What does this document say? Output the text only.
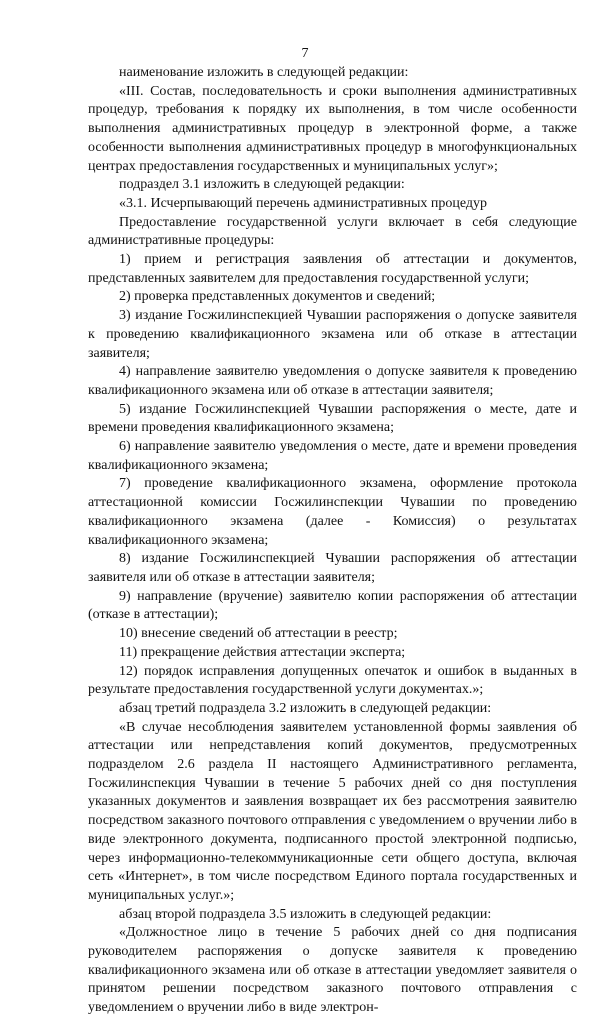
7

наименование изложить в следующей редакции:

«III. Состав, последовательность и сроки выполнения административных процедур, требования к порядку их выполнения, в том числе особенности выполнения административных процедур в электронной форме, а также особенности выполнения административных процедур в многофункциональных центрах предоставления государственных и муниципальных услуг»;

подраздел 3.1 изложить в следующей редакции:

«3.1. Исчерпывающий перечень административных процедур

Предоставление государственной услуги включает в себя следующие административные процедуры:

1) прием и регистрация заявления об аттестации и документов, представленных заявителем для предоставления государственной услуги;

2) проверка представленных документов и сведений;

3) издание Госжилинспекцией Чувашии распоряжения о допуске заявителя к проведению квалификационного экзамена или об отказе в аттестации заявителя;

4) направление заявителю уведомления о допуске заявителя к проведению квалификационного экзамена или об отказе в аттестации заявителя;

5) издание Госжилинспекцией Чувашии распоряжения о месте, дате и времени проведения квалификационного экзамена;

6) направление заявителю уведомления о месте, дате и времени проведения квалификационного экзамена;

7) проведение квалификационного экзамена, оформление протокола аттестационной комиссии Госжилинспекции Чувашии по проведению квалификационного экзамена (далее - Комиссия) о результатах квалификационного экзамена;

8) издание Госжилинспекцией Чувашии распоряжения об аттестации заявителя или об отказе в аттестации заявителя;

9) направление (вручение) заявителю копии распоряжения об аттестации (отказе в аттестации);

10) внесение сведений об аттестации в реестр;

11) прекращение действия аттестации эксперта;

12) порядок исправления допущенных опечаток и ошибок в выданных в результате предоставления государственной услуги документах.»;

абзац третий подраздела 3.2 изложить в следующей редакции:

«В случае несоблюдения заявителем установленной формы заявления об аттестации или непредставления копий документов, предусмотренных подразделом 2.6 раздела II настоящего Административного регламента, Госжилинспекция Чувашии в течение 5 рабочих дней со дня поступления указанных документов и заявления возвращает их без рассмотрения заявителю посредством заказного почтового отправления с уведомлением о вручении либо в виде электронного документа, подписанного простой электронной подписью, через информационно-телекоммуникационные сети общего доступа, включая сеть «Интернет», в том числе посредством Единого портала государственных и муниципальных услуг.»;

абзац второй подраздела 3.5 изложить в следующей редакции:

«Должностное лицо в течение 5 рабочих дней со дня подписания руководителем распоряжения о допуске заявителя к проведению квалификационного экзамена или об отказе в аттестации уведомляет заявителя о принятом решении посредством заказного почтового отправления с уведомлением о вручении либо в виде электрон-
